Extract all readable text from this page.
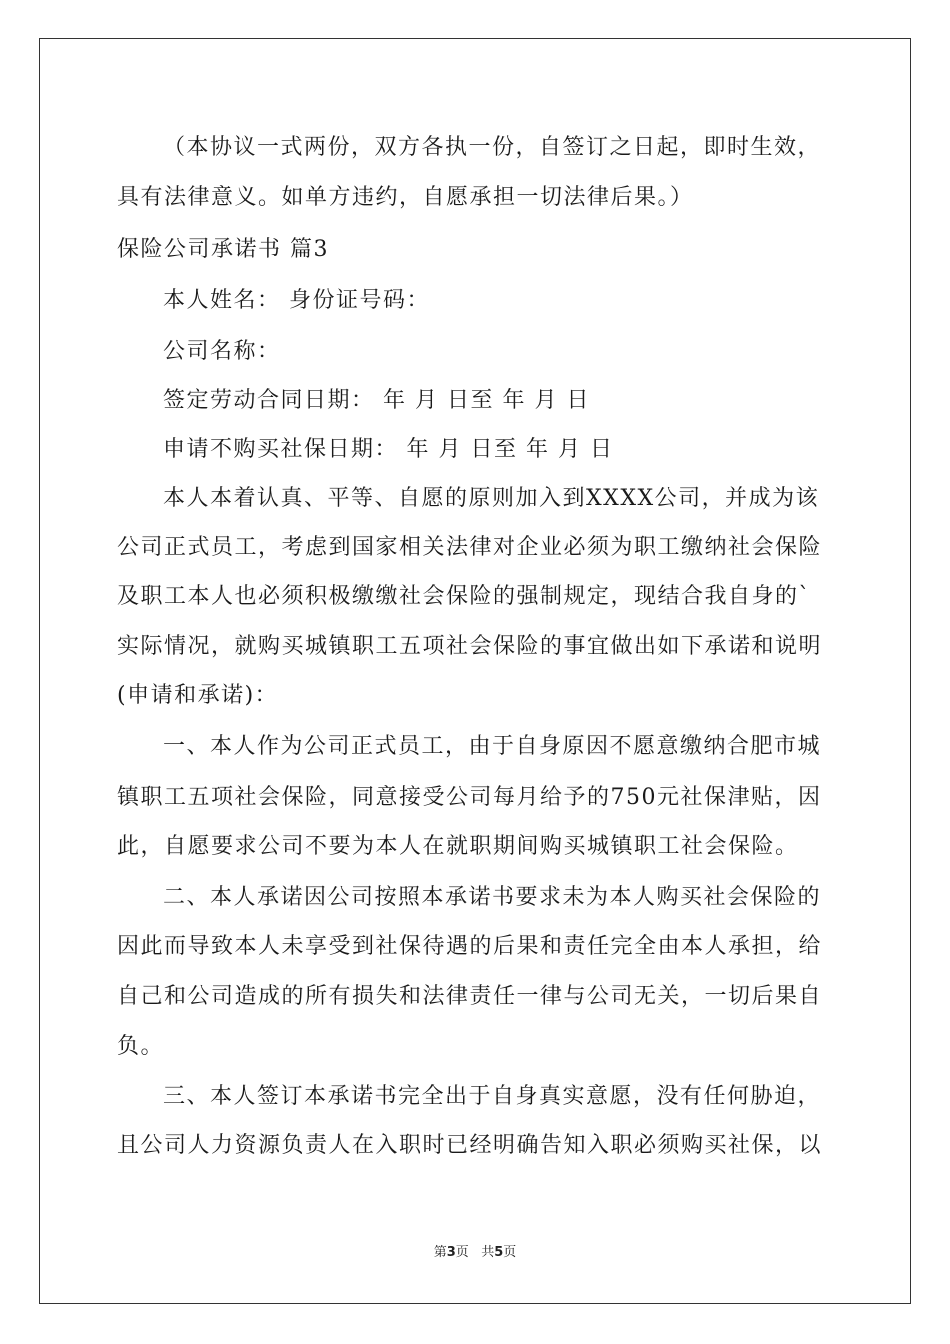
（本协议一式两份，双方各执一份，自签订之日起，即时生效，
具有法律意义。如单方违约，自愿承担一切法律后果。）
保险公司承诺书 篇3
本人姓名： 身份证号码：
公司名称：
签定劳动合同日期： 年 月 日至 年 月 日
申请不购买社保日期： 年 月 日至 年 月 日
本人本着认真、平等、自愿的原则加入到XXXX公司，并成为该
公司正式员工，考虑到国家相关法律对企业必须为职工缴纳社会保险
及职工本人也必须积极缴缴社会保险的强制规定，现结合我自身的`
实际情况，就购买城镇职工五项社会保险的事宜做出如下承诺和说明
(申请和承诺)：
一、本人作为公司正式员工，由于自身原因不愿意缴纳合肥市城
镇职工五项社会保险，同意接受公司每月给予的750元社保津贴，因
此，自愿要求公司不要为本人在就职期间购买城镇职工社会保险。
二、本人承诺因公司按照本承诺书要求未为本人购买社会保险的
因此而导致本人未享受到社保待遇的后果和责任完全由本人承担，给
自己和公司造成的所有损失和法律责任一律与公司无关，一切后果自
负。
三、本人签订本承诺书完全出于自身真实意愿，没有任何胁迫，
且公司人力资源负责人在入职时已经明确告知入职必须购买社保，以
第3页   共5页
